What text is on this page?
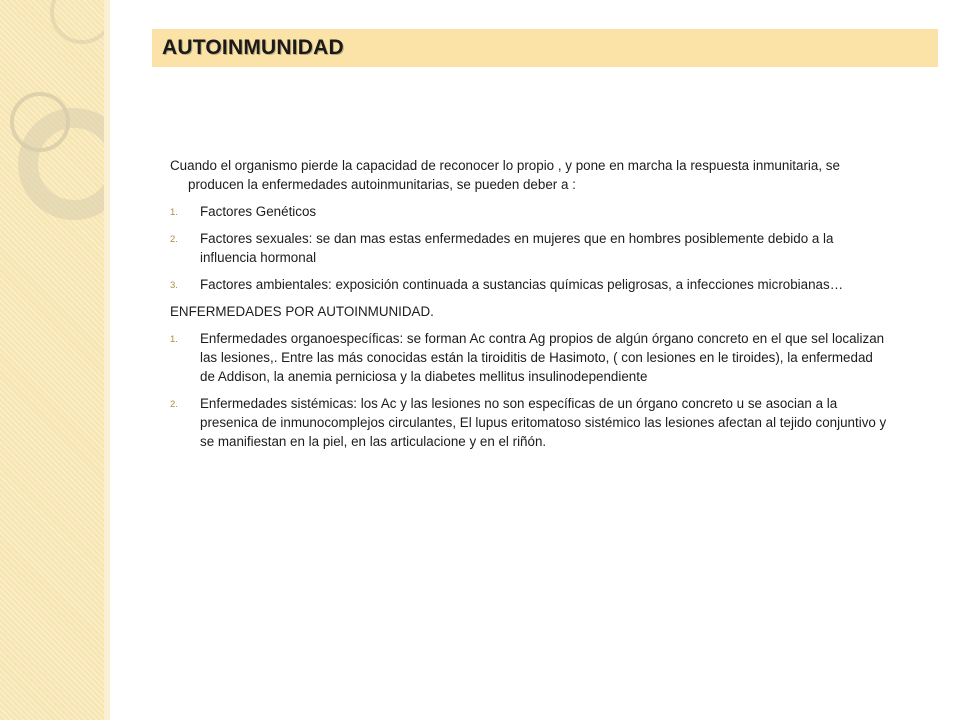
AUTOINMUNIDAD

Cuando el organismo pierde la capacidad de reconocer lo propio , y pone en marcha la respuesta inmunitaria, se producen la enfermedades autoinmunitarias, se pueden deber a :

1.	Factores Genéticos
2.	Factores sexuales: se dan mas estas enfermedades en mujeres que en hombres posiblemente debido a la influencia hormonal
3.	Factores ambientales: exposición continuada a sustancias químicas peligrosas, a infecciones microbianas…

ENFERMEDADES POR AUTOINMUNIDAD.

1.	Enfermedades organoespecíficas: se forman Ac contra Ag propios de algún órgano concreto en el que sel localizan las lesiones,. Entre las más conocidas están la tiroiditis de Hasimoto, ( con lesiones en le tiroides), la enfermedad de Addison, la anemia perniciosa y la diabetes mellitus insulinodependiente
2.	Enfermedades sistémicas: los Ac y las lesiones no son específicas de un órgano concreto u se asocian a la presenica de inmunocomplejos circulantes, El lupus eritomatoso sistémico las lesiones afectan al tejido conjuntivo y se manifiestan en la piel, en las articulacione y en el riñón.
